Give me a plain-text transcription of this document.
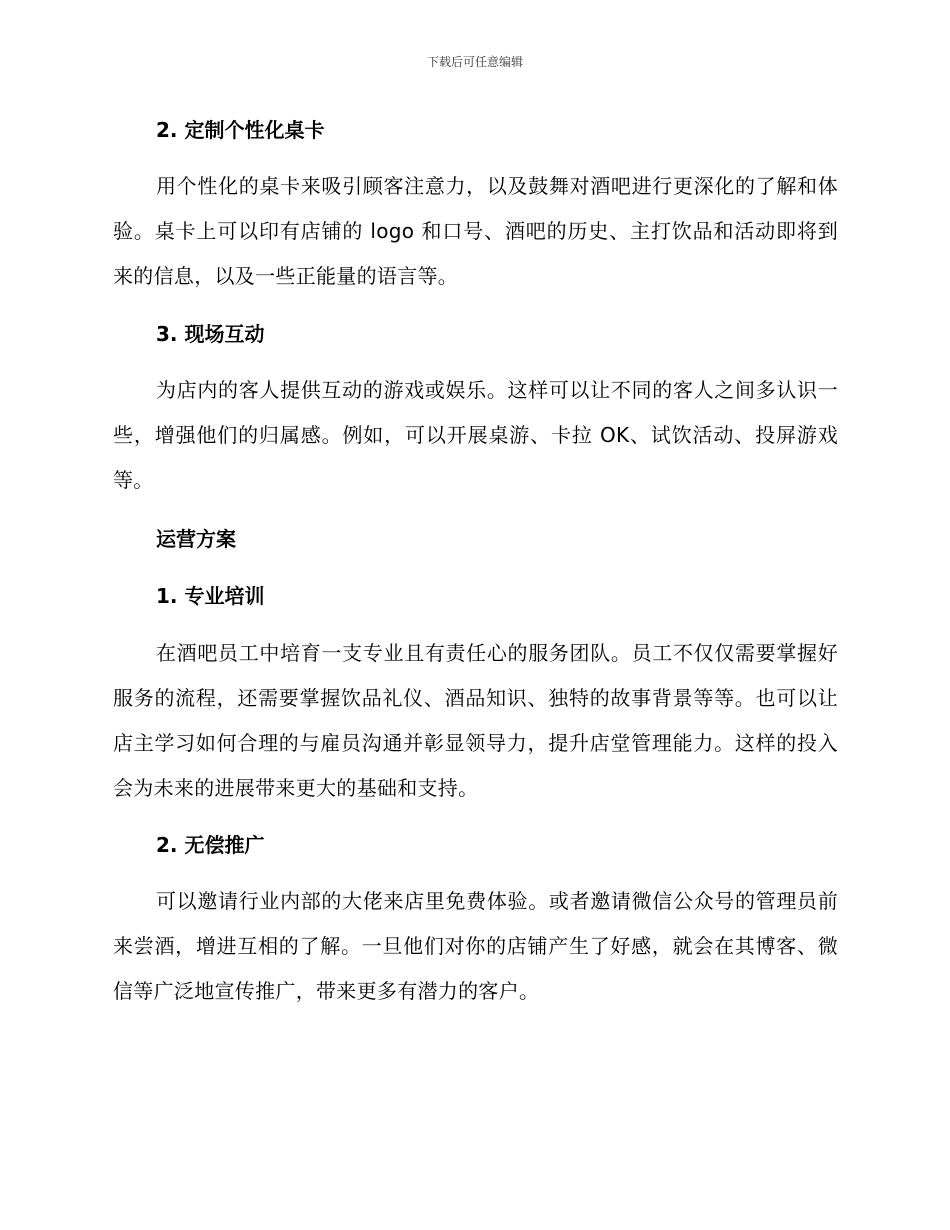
下载后可任意编辑
2. 定制个性化桌卡

用个性化的桌卡来吸引顾客注意力，以及鼓舞对酒吧进行更深化的了解和体验。桌卡上可以印有店铺的 logo 和口号、酒吧的历史、主打饮品和活动即将到来的信息，以及一些正能量的语言等。

3. 现场互动

为店内的客人提供互动的游戏或娱乐。这样可以让不同的客人之间多认识一些，增强他们的归属感。例如，可以开展桌游、卡拉 OK、试饮活动、投屏游戏等。

运营方案
1. 专业培训

在酒吧员工中培育一支专业且有责任心的服务团队。员工不仅仅需要掌握好服务的流程，还需要掌握饮品礼仪、酒品知识、独特的故事背景等等。也可以让店主学习如何合理的与雇员沟通并彰显领导力，提升店堂管理能力。这样的投入会为未来的进展带来更大的基础和支持。

2. 无偿推广

可以邀请行业内部的大佬来店里免费体验。或者邀请微信公众号的管理员前来尝酒，增进互相的了解。一旦他们对你的店铺产生了好感，就会在其博客、微信等广泛地宣传推广，带来更多有潜力的客户。
